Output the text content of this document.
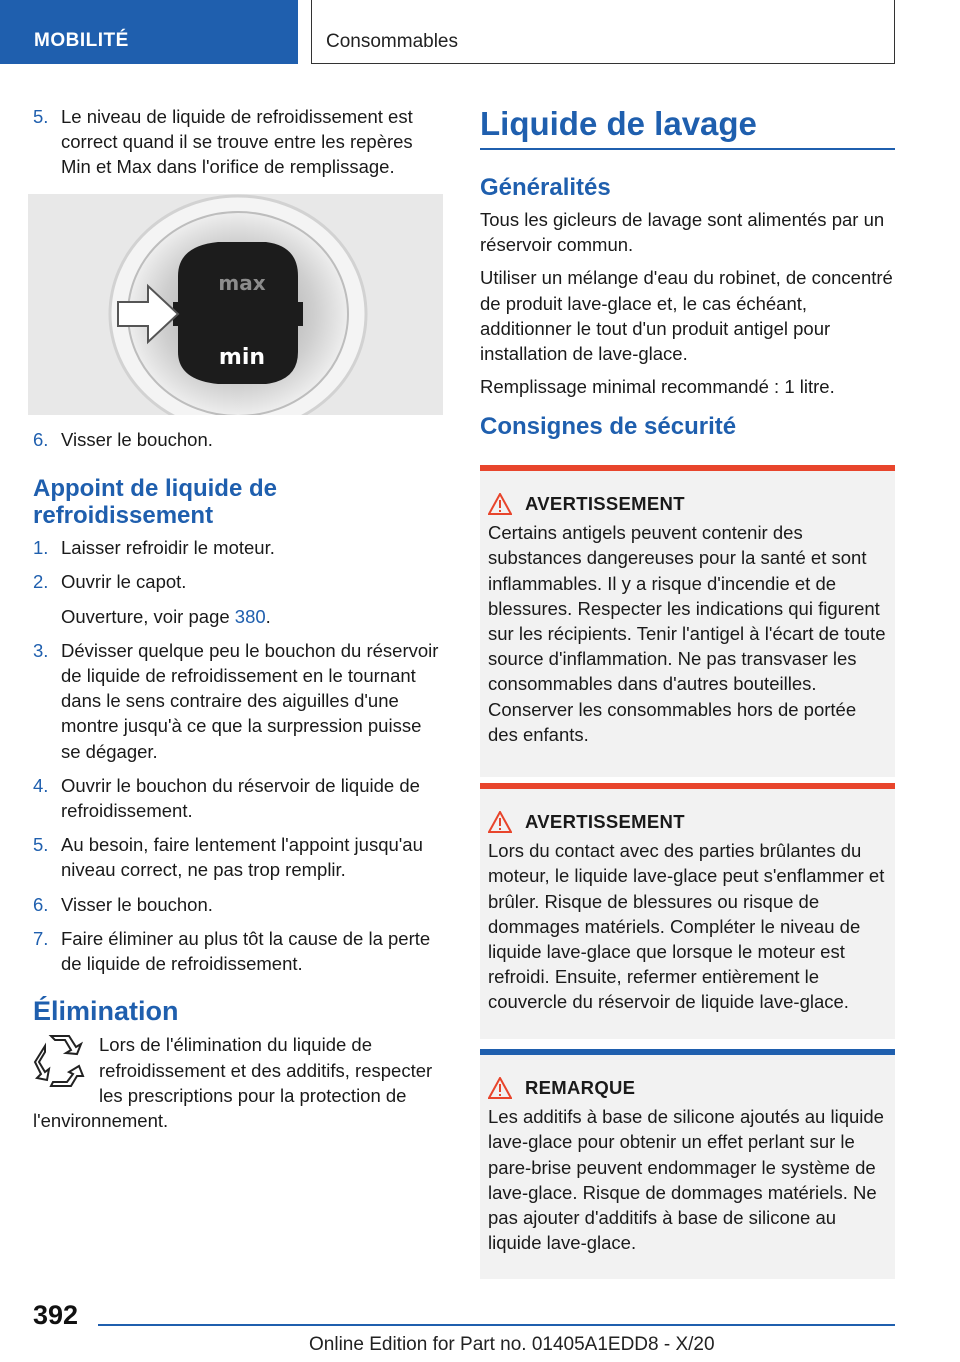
MOBILITÉ	Consommables
5. Le niveau de liquide de refroidissement est correct quand il se trouve entre les repères Min et Max dans l'orifice de remplissage.
max
min
6. Visser le bouchon.
Appoint de liquide de refroidissement
1. Laisser refroidir le moteur.
2. Ouvrir le capot.
Ouverture, voir page 380.
3. Dévisser quelque peu le bouchon du réservoir de liquide de refroidissement en le tournant dans le sens contraire des aiguilles d'une montre jusqu'à ce que la surpression puisse se dégager.
4. Ouvrir le bouchon du réservoir de liquide de refroidissement.
5. Au besoin, faire lentement l'appoint jusqu'au niveau correct, ne pas trop remplir.
6. Visser le bouchon.
7. Faire éliminer au plus tôt la cause de la perte de liquide de refroidissement.
Élimination
Lors de l'élimination du liquide de refroidissement et des additifs, respecter les prescriptions pour la protection de l'environnement.
Liquide de lavage
Généralités

Tous les gicleurs de lavage sont alimentés par un réservoir commun.

Utiliser un mélange d'eau du robinet, de concentré de produit lave-glace et, le cas échéant, additionner le tout d'un produit antigel pour installation de lave-glace.

Remplissage minimal recommandé : 1 litre.

Consignes de sécurité
AVERTISSEMENT
Certains antigels peuvent contenir des substances dangereuses pour la santé et sont inflammables. Il y a risque d'incendie et de blessures. Respecter les indications qui figurent sur les récipients. Tenir l'antigel à l'écart de toute source d'inflammation. Ne pas transvaser les consommables dans d'autres bouteilles. Conserver les consommables hors de portée des enfants.
AVERTISSEMENT
Lors du contact avec des parties brûlantes du moteur, le liquide lave-glace peut s'enflammer et brûler. Risque de blessures ou risque de dommages matériels. Compléter le niveau de liquide lave-glace que lorsque le moteur est refroidi. Ensuite, refermer entièrement le couvercle du réservoir de liquide lave-glace.
REMARQUE
Les additifs à base de silicone ajoutés au liquide lave-glace pour obtenir un effet perlant sur le pare-brise peuvent endommager le système de lave-glace. Risque de dommages matériels. Ne pas ajouter d'additifs à base de silicone au liquide lave-glace.
392
Online Edition for Part no. 01405A1EDD8 - X/20
